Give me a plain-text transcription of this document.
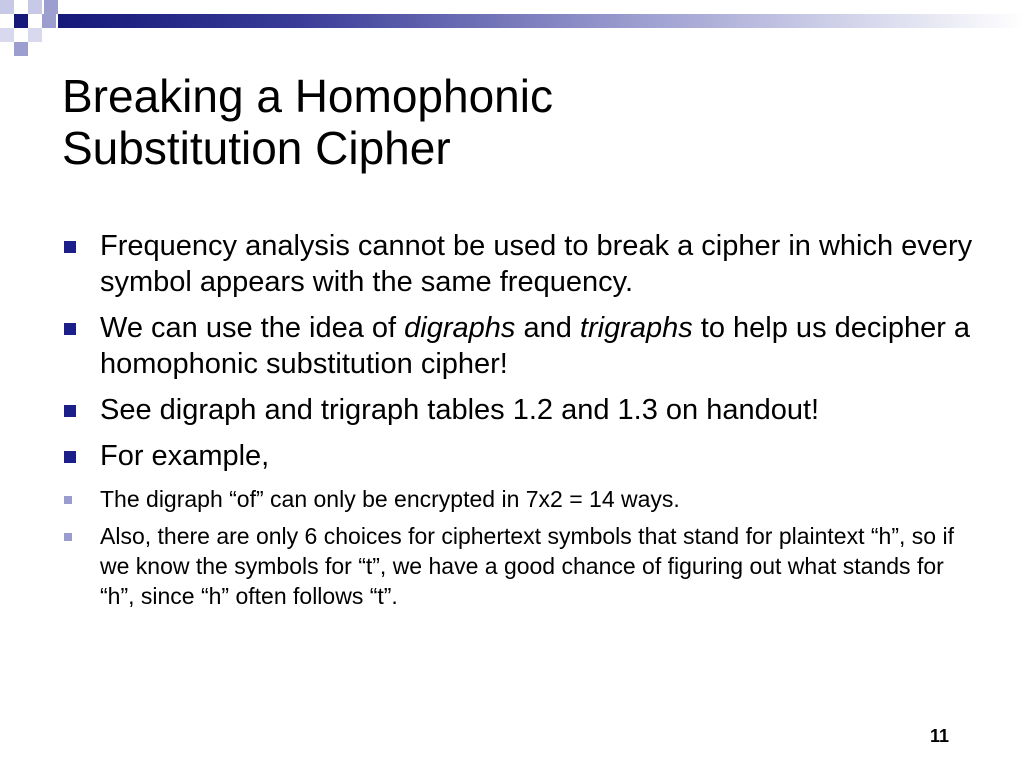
Breaking a Homophonic
Substitution Cipher
Frequency analysis cannot be used to break a cipher in which every symbol appears with the same frequency.
We can use the idea of digraphs and trigraphs to help us decipher a homophonic substitution cipher!
See digraph and trigraph tables 1.2 and 1.3 on handout!
For example,
The digraph “of” can only be encrypted in 7x2 = 14 ways.
Also, there are only 6 choices for ciphertext symbols that stand for plaintext “h”, so if we know the symbols for “t”, we have a good chance of figuring out what stands for “h”, since “h” often follows “t”.
11
